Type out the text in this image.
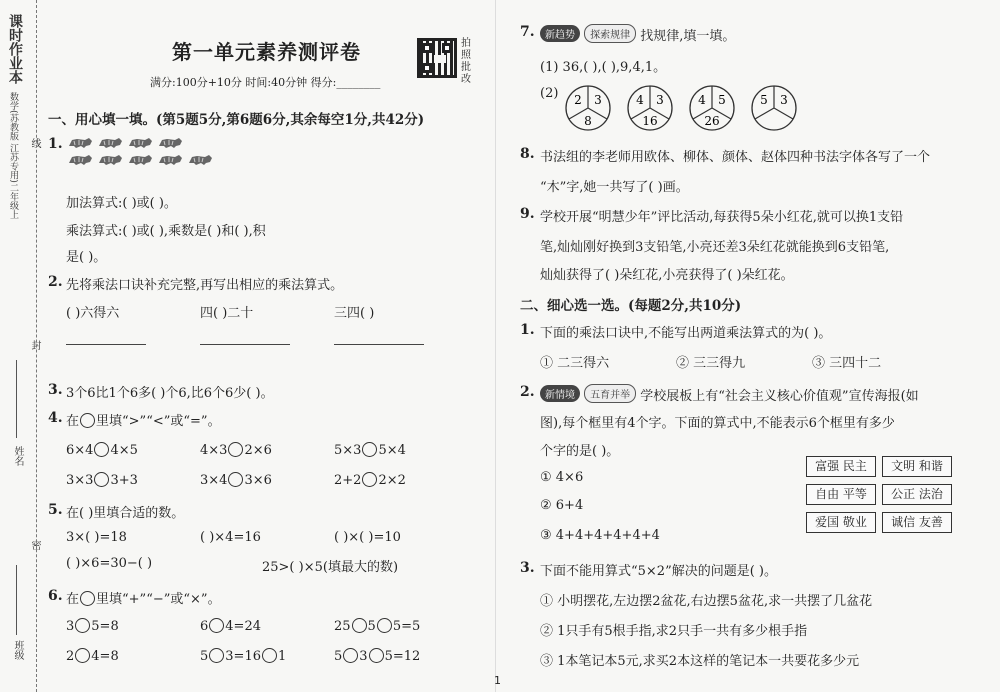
课时作业本
数学(苏教版 江苏专用)二年级上 线
封
密
姓名
班级
第一单元素养测评卷
满分:100分+10分 时间:40分钟 得分:________
拍照批改
一、用心填一填。(第5题5分,第6题6分,其余每空1分,共42分)
1.
加法算式:( )或( )。
乘法算式:( )或( ),乘数是( )和( ),积
是( )。
2. 先将乘法口诀补充完整,再写出相应的乘法算式。
( )六得六	四( )二十	三四( )
3. 3个6比1个6多( )个6,比6个6少( )。
4. 在 里填“>”“<”或“=”。
6×4 4×5	4×3 2×6	5×3 5×4
3×3 3+3	3×4 3×6	2+2 2×2
5. 在( )里填合适的数。
3×( )=18	( )×4=16	( )×( )=10
( )×6=30−( )	25>( )×5(填最大的数)
6. 在 里填“+”“−”或“×”。
3 5=8	6 4=24	25 5 5=5
2 4=8	5 3=16 1	5 3 5=12
7.	新趋势 探索规律 找规律,填一填。
(1) 36,( ),( ),9,4,1。
(2) 2 3
8
4 3
16
4 5
26
5 3
8. 书法组的李老师用欧体、柳体、颜体、赵体四种书法字体各写了一个
“木”字,她一共写了( )画。
9. 学校开展“明慧少年”评比活动,每获得5朵小红花,就可以换1支铅
笔,灿灿刚好换到3支铅笔,小亮还差3朵红花就能换到6支铅笔,
灿灿获得了( )朵红花,小亮获得了( )朵红花。
二、细心选一选。(每题2分,共10分)
1. 下面的乘法口诀中,不能写出两道乘法算式的为( )。
① 二三得六	② 三三得九	③ 三四十二
2.	新情境 五育并举 学校展板上有“社会主义核心价值观”宣传海报(如
图),每个框里有4个字。下面的算式中,不能表示6个框里有多少
个字的是( )。
① 4×6
② 6+4
③ 4+4+4+4+4+4
富强 民主	文明 和谐
自由 平等	公正 法治
爱国 敬业	诚信 友善
3. 下面不能用算式“5×2”解决的问题是( )。
① 小明摆花,左边摆2盆花,右边摆5盆花,求一共摆了几盆花
② 1只手有5根手指,求2只手一共有多少根手指
③ 1本笔记本5元,求买2本这样的笔记本一共要花多少元
1
